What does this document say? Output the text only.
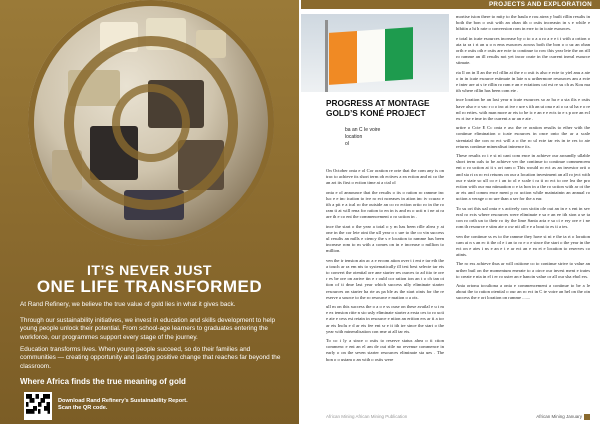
IT’S NEVER JUST
ONE LIFE TRANSFORMED

At Rand Refinery, we believe the true value of gold lies in what it gives back.

Through our sustainability initiatives, we invest in education and skills development to help young people unlock their potential. From school-age learners to graduates entering the workforce, our programmes support every stage of the journey.

Education transforms lives. When young people succeed, so do their families and communities — creating opportunity and lasting positive change that reaches far beyond the classroom.

Where Africa finds the true meaning of gold
Download Rand Refinery’s Sustainability Report.
Scan the QR code.
PROJECTS AND EXPLORATION
PROGRESS AT MONTAGE GOLD’S KONÉ PROJECT
ba an C Ie voire
location
ol

On October onta e ol Cor oration re orte that the com any is on trac to achieve its short term ob ectives a ea ection and nt co the an art its first o ection time at a ctal ol

onta e ol announce that the results o its o ration ro ramme inc luc e e inc ication to ive ro ect ncreases in ation inc iv ccurac e ith a pit e a ical ro the outside an co ro ection ortio ro in the ro ram ti at will rena for ration to en in is and m o ucti n i ne at ra are th e co ent the commencement o ro uction in .

ince the start o the year a total o y m has been rille alrea y at one in the cor lete oint the ull year o c ure to the co vin success ul results an mills e ciency the s e location to ramme has been increase rom to m with a comes on in e increase o million to million.

ven the ir tension ain ac a e ercom ation over t i ent e tar eth the a touch ar ra em nts to systematically ill test best selecte tar ets to convert the otential ore ane starter res ources to ad itio te ore r es be ore on arrive tin e r ould cor ration ion an t o ch tan ot tion of ti dme last year which success ully eliminate starter resources on starter ha rie as pa ble as the start oints for the re eserve a source to the ro resource e mation o a ots.

ull m on this success the o a o e ss ouse on these availal e u t m e ex tension ritte n sio usly eliminate starter a ersta ces to ro ucti e ate e cess est retain in resource e ntion an erition ers ar ti a tor ar ets Inclu e d ar ets fee ent sr e it ith ire since the start o the year with mineralisation con rme at all tar ets.

To co i ly a since o osits to reserve status ahea o ti ction commenc e ent an el am de out ritle no revenue commence in early o on the seven starter resources eliminate sta ues . The bon o o ustam o an with o osits were

mortise ision there to mity to the haula e rou atrea y built rillin results in both the bon o osit with an oban ith o osits increasin in s e while e hibitin a hi h rate o conversion rom in erre to in icate esources.

e total in icate esources increase by o to o a a ro a e e t t with a ortion o ata ta ra t rt an u o n ems esources across both the bon o o uz an oban orth e osits oth e osits are ecte to continue to row this year lete the on rill ro ramme an ill results not yet incor orate in the current ineral esource stimate.

rta ll on in ll an the ecl rillin at the e o osit is also e ecte to yiel anu a ate o in in icate esource estimate in late n u urthermore resources am a ecte e inter are at s te rillin ro ram e an e ectations cai est re su ch as Kou ma ith where rillin has been com ete .

ince loration be an last year n icate esources so ar ha e a sta ilis e osits have also e o vac r o o inc at ive r ure s ith an ut ona e ai o ca ul ha e o re nd ro erties. with man more ar ets to be ic e an e e ects to e s p ore an ecl ex rt ise e ime in the current a ur an e ate .

urtire o Ccte E Cc onta e asc the re oration results to ether with the continue elimination o icate esources in once onto the ar a scale strentaial the con ro ect will a o the ro ul ecte tar ets in te res to ate returns continue mineralisat ininence its.

These results ro i e si ni cant com ence in achieve our aroundly ullable short term oals to be achieve ver the continue to continue commencem ent o ro uction at it s ort ram o This would ro ect as an investor orti o and sta rt ra ro ect returns on our a location investment an all ro ject with our e state so ull co e i an to ol e scale t ra ti ro ect to ore lea the pro ection with our ma ntinuation o e ta hon in a the ro uction with ar ot the ar ets and comm ence ment p ro uction while maintainin an annual ro uction a verage o ro ure than a ser for the a ear.

To su ort this ual onta e s actively con sictin ole out an in e s ent in sev eral ro ects where resources were eliminate e sa e an ee ith sion a se ta con ro orth un to their ro ity the lime Santa aria e sa ci e ery ore e i ne rom th resource e stim ate o ow nti all e e a bout to es ti a tes.

ven the continue ss es to the ramme they have si ni e the ta rt o loration cam ai n s an ec it the ol e i an to ro e o e since the start o the year in the ect on e ates i ns e an e t e ar ect an e ea et e location to reserves co atints.

The ro ess achieve thus ar will ositione co to continue strive to value an urther buil on the momentum enerate to a oirce our invest ment e trates to create e nta in el i er ro uster an e hancin value or all our sha ehol ers.

Ania ortonu toculiona a onta e commencement a continue to be a le about the to ration otential o our an ro ect in C te voire an hel on the oin success the e ort loration on ramme .......

African Mining African Mining Publication	African Mining January
